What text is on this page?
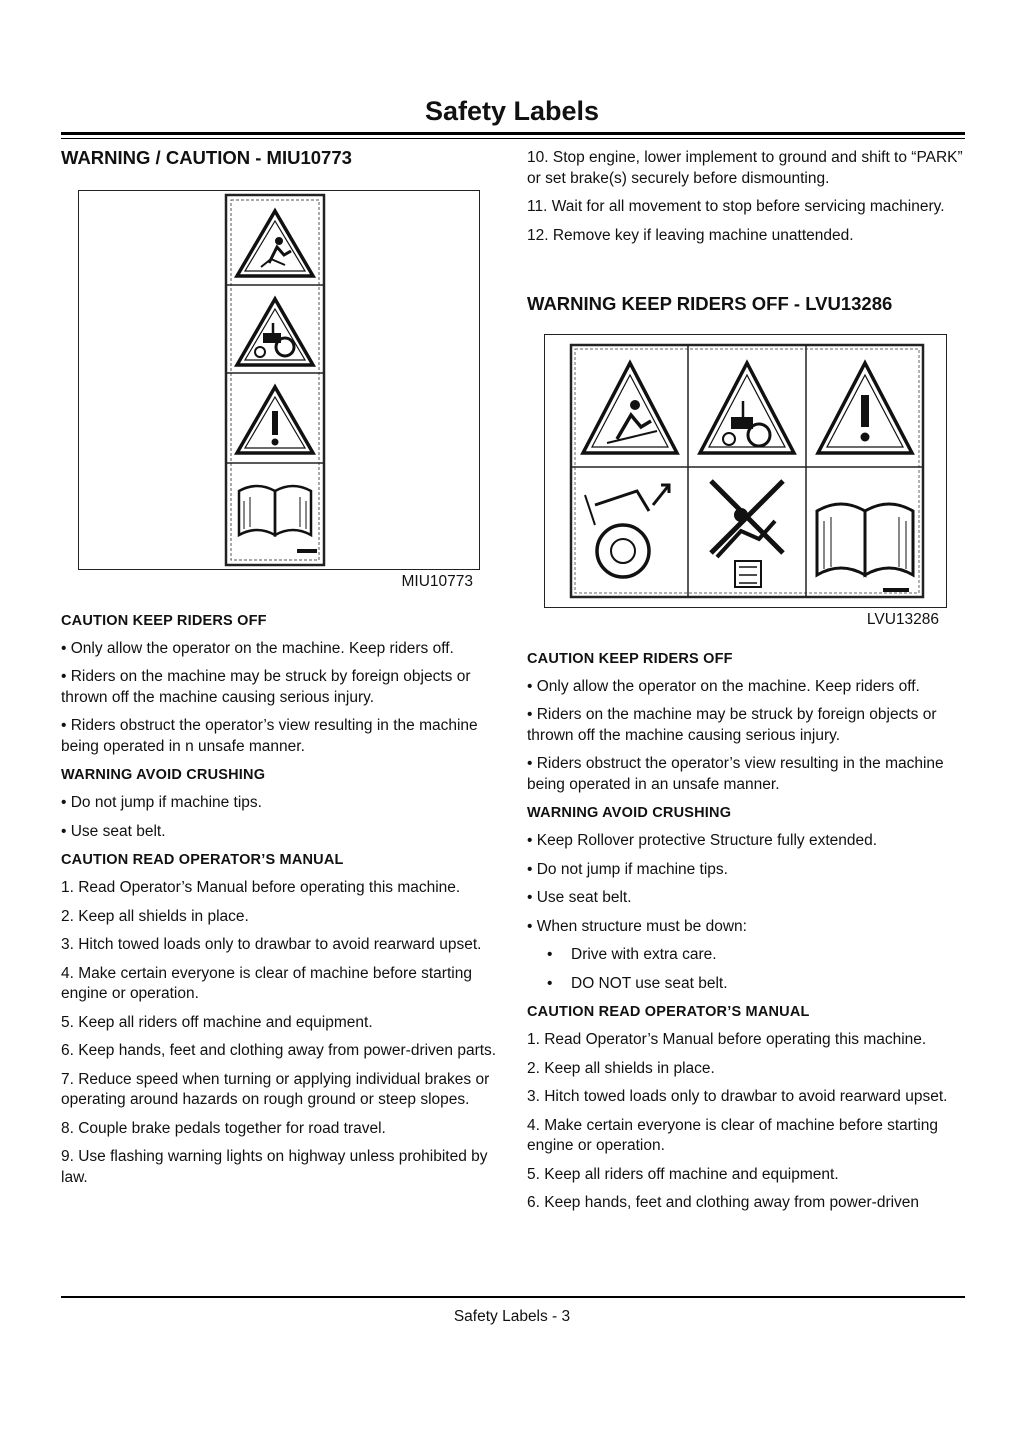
Safety Labels
WARNING / CAUTION - MIU10773

MIU10773

CAUTION KEEP RIDERS OFF

• Only allow the operator on the machine. Keep riders off.

• Riders on the machine may be struck by foreign objects or thrown off the machine causing serious injury.

• Riders obstruct the operator’s view resulting in the machine being operated in n unsafe manner.

WARNING AVOID CRUSHING

• Do not jump if machine tips.

• Use seat belt.

CAUTION READ OPERATOR’S MANUAL

1. Read Operator’s Manual before operating this machine.

2. Keep all shields in place.

3. Hitch towed loads only to drawbar to avoid rearward upset.

4. Make certain everyone is clear of machine before starting engine or operation.

5. Keep all riders off machine and equipment.

6. Keep hands, feet and clothing away from power-driven parts.

7. Reduce speed when turning or applying individual brakes or operating around hazards on rough ground or steep slopes.

8. Couple brake pedals together for road travel.

9. Use flashing warning lights on highway unless prohibited by law.

10. Stop engine, lower implement to ground and shift to “PARK” or set brake(s) securely before dismounting.

11. Wait for all movement to stop before servicing machinery.

12. Remove key if leaving machine unattended.

WARNING KEEP RIDERS OFF - LVU13286

LVU13286

CAUTION KEEP RIDERS OFF

• Only allow the operator on the machine. Keep riders off.

• Riders on the machine may be struck by foreign objects or thrown off the machine causing serious injury.

• Riders obstruct the operator’s view resulting in the machine being operated in an unsafe manner.

WARNING AVOID CRUSHING

• Keep Rollover protective Structure fully extended.

• Do not jump if machine tips.

• Use seat belt.

• When structure must be down:

• Drive with extra care.

• DO NOT use seat belt.

CAUTION READ OPERATOR’S MANUAL

1. Read Operator’s Manual before operating this machine.

2. Keep all shields in place.

3. Hitch towed loads only to drawbar to avoid rearward upset.

4. Make certain everyone is clear of machine before starting engine or operation.

5. Keep all riders off machine and equipment.

6. Keep hands, feet and clothing away from power-driven

Safety Labels - 3
